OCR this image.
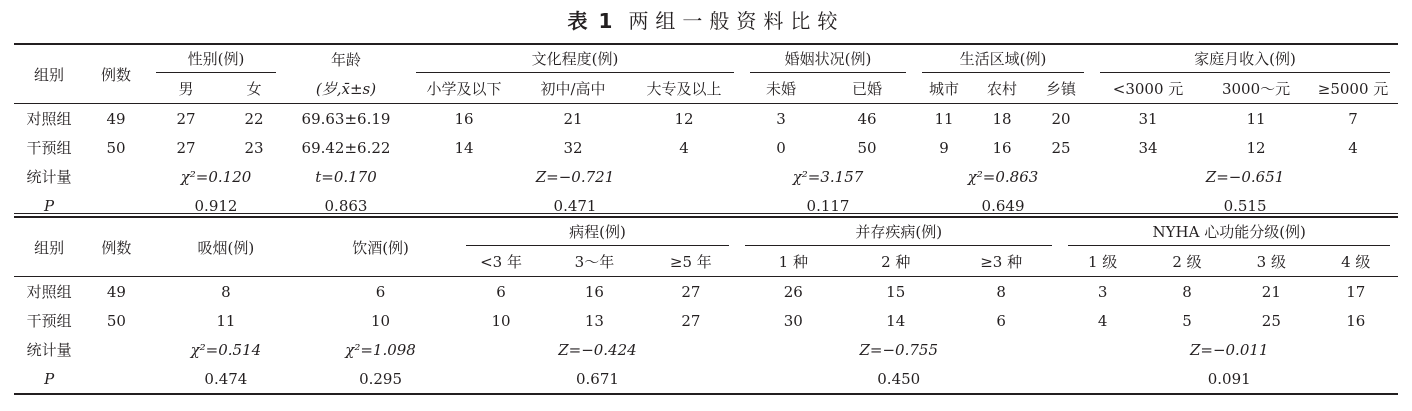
表 1 两组一般资料比较
组别	例数	性别(例)		年龄	文化程度(例)			婚姻状况(例)		生活区域(例)			家庭月收入(例)		

		男	女	(岁,x̄±s)	小学及以下	初中/高中	大专及以上	未婚	已婚	城市	农村	乡镇	<3000 元	3000～元	≥5000 元
对照组	49	27	22	69.63±6.19	16	21	12	3	46	11	18	20	31	11	7
干预组	50	27	23	69.42±6.22	14	32	4	0	50	9	16	25	34	12	4
统计量		χ²=0.120		t=0.170	Z=−0.721			χ²=3.157		χ²=0.863			Z=−0.651		
P		0.912		0.863	0.471			0.117		0.649			0.515		
组别	例数	吸烟(例)	饮酒(例)	病程(例)			并存疾病(例)			NYHA 心功能分级(例)			

				<3 年	3～年	≥5 年	1 种	2 种	≥3 种	1 级	2 级	3 级	4 级
对照组	49	8	6	6	16	27	26	15	8	3	8	21	17
干预组	50	11	10	10	13	27	30	14	6	4	5	25	16
统计量		χ²=0.514	χ²=1.098	Z=−0.424			Z=−0.755			Z=−0.011			
P		0.474	0.295	0.671			0.450			0.091			
